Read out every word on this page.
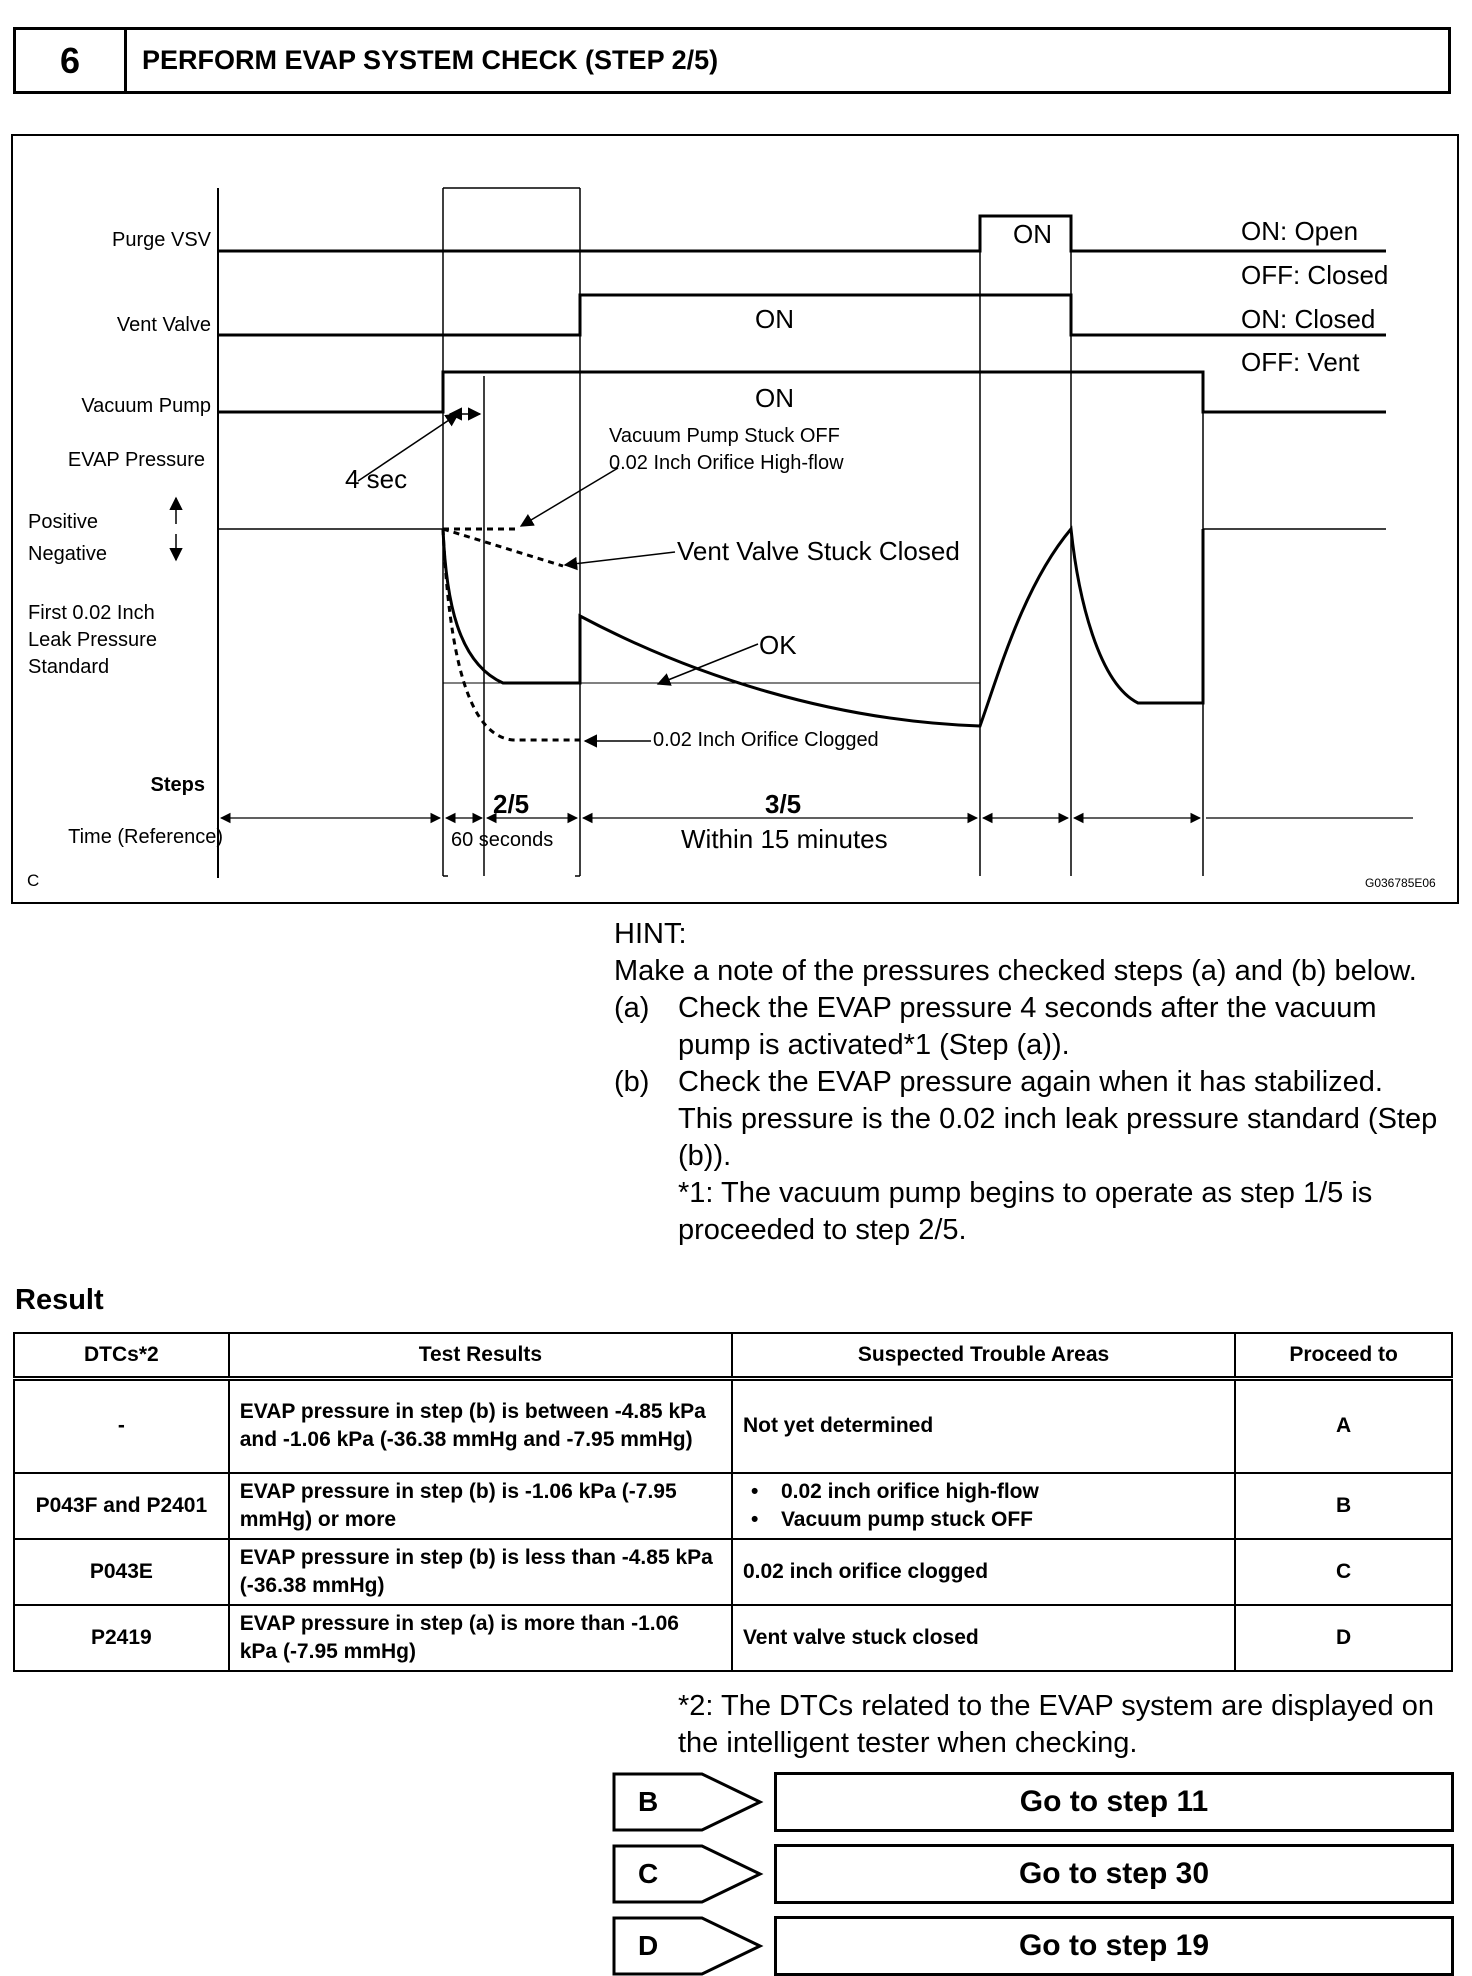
6	PERFORM EVAP SYSTEM CHECK (STEP 2/5)
Purge VSV
Vent Valve
Vacuum Pump
EVAP Pressure
Positive
Negative
First 0.02 Inch
Leak Pressure
Standard
Steps
Time (Reference)
ON
ON
ON
ON: Open
OFF: Closed
ON: Closed
OFF: Vent
4 sec
Vacuum Pump Stuck OFF
0.02 Inch Orifice High-flow
Vent Valve Stuck Closed
OK
0.02 Inch Orifice Clogged
2/5	3/5
60 seconds	Within 15 minutes
C	G036785E06
HINT:
Make a note of the pressures checked steps (a) and (b) below.
(a) Check the EVAP pressure 4 seconds after the vacuum pump is activated*1 (Step (a)).
(b) Check the EVAP pressure again when it has stabilized. This pressure is the 0.02 inch leak pressure standard (Step (b)).
*1: The vacuum pump begins to operate as step 1/5 is proceeded to step 2/5.
Result
DTCs*2	Test Results	Suspected Trouble Areas	Proceed to
-	EVAP pressure in step (b) is between -4.85 kPa and -1.06 kPa (-36.38 mmHg and -7.95 mmHg)	Not yet determined	A
P043F and P2401	EVAP pressure in step (b) is -1.06 kPa (-7.95 mmHg) or more	• 0.02 inch orifice high-flow
• Vacuum pump stuck OFF	B
P043E	EVAP pressure in step (b) is less than -4.85 kPa (-36.38 mmHg)	0.02 inch orifice clogged	C
P2419	EVAP pressure in step (a) is more than -1.06 kPa (-7.95 mmHg)	Vent valve stuck closed	D
*2: The DTCs related to the EVAP system are displayed on the intelligent tester when checking.
B	Go to step 11
C	Go to step 30
D	Go to step 19
